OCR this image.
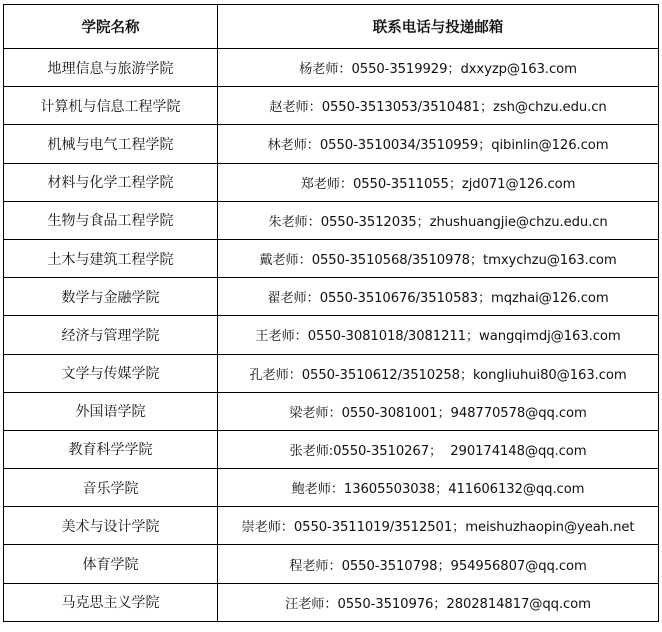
学院名称	联系电话与投递邮箱
地理信息与旅游学院	杨老师：0550-3519929；dxxyzp@163.com
计算机与信息工程学院	赵老师：0550-3513053/3510481；zsh@chzu.edu.cn
机械与电气工程学院	林老师：0550-3510034/3510959；qibinlin@126.com
材料与化学工程学院	郑老师：0550-3511055；zjd071@126.com
生物与食品工程学院	朱老师：0550-3512035；zhushuangjie@chzu.edu.cn
土木与建筑工程学院	戴老师：0550-3510568/3510978；tmxychzu@163.com
数学与金融学院	翟老师：0550-3510676/3510583；mqzhai@126.com
经济与管理学院	王老师：0550-3081018/3081211；wangqimdj@163.com
文学与传媒学院	孔老师：0550-3510612/3510258；kongliuhui80@163.com
外国语学院	梁老师：0550-3081001；948770578@qq.com
教育科学学院	张老师:0550-3510267；  290174148@qq.com
音乐学院	鲍老师：13605503038；411606132@qq.com
美术与设计学院	崇老师：0550-3511019/3512501；meishuzhaopin@yeah.net
体育学院	程老师：0550-3510798；954956807@qq.com
马克思主义学院	汪老师：0550-3510976；2802814817@qq.com
